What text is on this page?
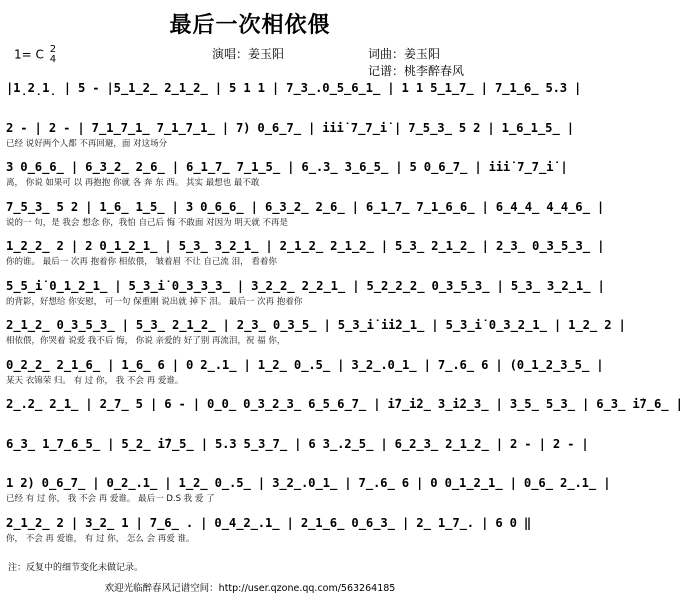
最后一次相依偎
1= C 2
4	演唱：姜玉阳	词曲：姜玉阳
记谱：桃李醉春风
|1̣2̣1̣ | 5 - |5̲1̲2̲ 2̲1̲2̲ | 5 1 1 | 7̲3̲.0̲5̲6̲1̲ | 1 1 5̲1̲7̲ | 7̲1̲6̲ 5.3 |
2 - | 2 - | 7̲1̲7̲1̲ 7̲1̲7̲1̲ | 7) 0̲6̲7̲ | i̇i̇i̇ 7̲7̲i̇ | 7̲5̲3̲ 5 2 | 1̲6̲1̲5̲ |
已经 说好两个人都 不再回避，面 对这场分
3 0̲6̲6̲ | 6̲3̲2̲ 2̲6̲ | 6̲1̲7̲ 7̲1̲5̲ | 6̲.3̲ 3̲6̲5̲ | 5 0̲6̲7̲ | i̇i̇i̇ 7̲7̲i̇ |
离， 你说 如果可 以 再抱抱 你就 各 奔 东 西。 其实 最想也 最不敢
7̲5̲3̲ 5 2 | 1̲6̲ 1̲5̲ | 3 0̲6̲6̲ | 6̲3̲2̲ 2̲6̲ | 6̲1̲7̲ 7̲1̲6̲6̲ | 6̲4̲4̲ 4̲4̲6̲ |
说的一 句，是 我会 想念 你，我怕 自己后 悔 不敢面 对因为 明天就 不再是
1̲2̲2̲ 2 | 2 0̲1̲2̲1̲ | 5̲3̲ 3̲2̲1̲ | 2̲1̲2̲ 2̲1̲2̲ | 5̲3̲ 2̲1̲2̲ | 2̲3̲ 0̲3̲5̲3̲ |
你的谁。 最后一 次再 抱着你 相依偎， 皱着眉 不让 自己流 泪， 看着你
5̲5̲i̇ 0̲1̲2̲1̲ | 5̲3̲i̇ 0̲3̲3̲3̲ | 3̲2̲2̲ 2̲2̲1̲ | 5̲2̲2̲2̲ 0̲3̲5̲3̲ | 5̲3̲ 3̲2̲1̲ |
的背影，好想给 你安慰， 可一句 保重刚 说出就 掉下 泪。 最后一 次再 抱着你
2̲1̲2̲ 0̲3̲5̲3̲ | 5̲3̲ 2̲1̲2̲ | 2̲3̲ 0̲3̲5̲ | 5̲3̲i̇ i̇i̇2̲1̲ | 5̲3̲i̇ 0̲3̲2̲1̲ | 1̲2̲ 2 |
相依偎，你哭着 说爱 我不后 悔， 你说 亲爱的 好了别 再流泪，祝 福 你，
0̲2̲2̲ 2̲1̲6̲ | 1̲6̲ 6 | 0 2̲.1̲ | 1̲2̲ 0̲.5̲ | 3̲2̲.0̲1̲ | 7̲.6̲ 6 | (0̲1̲2̲3̲5̲ |
某天 衣锦荣 归。 有 过 你， 我 不会 再 爱谁。
2̲.2̲ 2̲1̲ | 2̲7̲ 5 | 6 - | 0̲0̲ 0̲3̲2̲3̲ 6̲5̲6̲7̲ | i̇7̲i̇2̲ 3̲i̇2̲3̲ | 3̲5̲ 5̲3̲ | 6̲3̲ i̇7̲6̲ |
6̲3̲ 1̲7̲6̲5̲ | 5̲2̲ i̇7̲5̲ | 5.3 5̲3̲7̲ | 6 3̲.2̲5̲ | 6̲2̲3̲ 2̲1̲2̲ | 2 - | 2 - |
1 2) 0̲6̲7̲ | 0̲2̲.1̲ | 1̲2̲ 0̲.5̲ | 3̲2̲.0̲1̲ | 7̲.6̲ 6 | 0 0̲1̲2̲1̲ | 0̲6̲ 2̲.1̲ |
已经 有 过 你， 我 不会 再 爱谁。 最后一 D.S 我 爱 了
2̲1̲2̲ 2 | 3̲2̲ 1 | 7̲6̲ . | 0̲4̲2̲.1̲ | 2̲1̲6̲ 0̲6̲3̲ | 2̲ 1̲7̲. | 6 0 ‖
你， 不会 再 爱谁， 有 过 你， 怎么 会 再爱 谁。
注：反复中的细节变化未做记录。
欢迎光临醉春风记谱空间：http://user.qzone.qq.com/563264185
